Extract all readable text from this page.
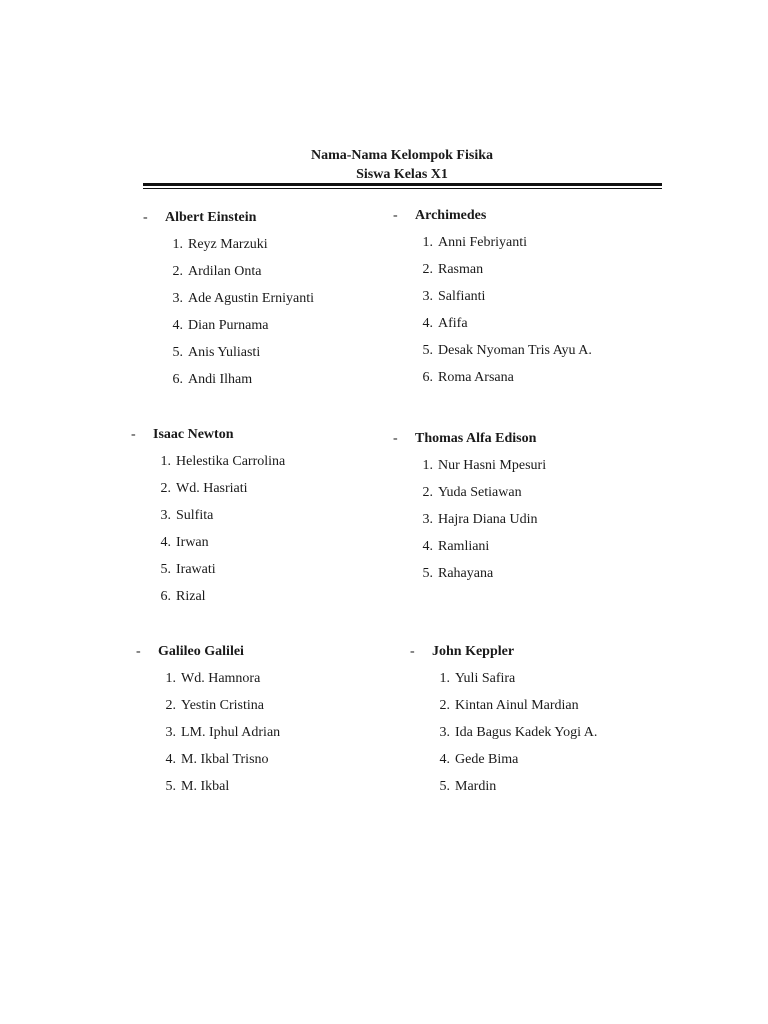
Nama-Nama Kelompok Fisika
Siswa Kelas X1
- Albert Einstein
1. Reyz Marzuki
2. Ardilan Onta
3. Ade Agustin Erniyanti
4. Dian Purnama
5. Anis Yuliasti
6. Andi Ilham
- Archimedes
1. Anni Febriyanti
2. Rasman
3. Salfianti
4. Afifa
5. Desak Nyoman Tris Ayu A.
6. Roma Arsana
- Isaac Newton
1. Helestika Carrolina
2. Wd. Hasriati
3. Sulfita
4. Irwan
5. Irawati
6. Rizal
- Thomas Alfa Edison
1. Nur Hasni Mpesuri
2. Yuda Setiawan
3. Hajra Diana Udin
4. Ramliani
5. Rahayana
- Galileo Galilei
1. Wd. Hamnora
2. Yestin Cristina
3. LM. Iphul Adrian
4. M. Ikbal Trisno
5. M. Ikbal
- John Keppler
1. Yuli Safira
2. Kintan Ainul Mardian
3. Ida Bagus Kadek Yogi A.
4. Gede Bima
5. Mardin
